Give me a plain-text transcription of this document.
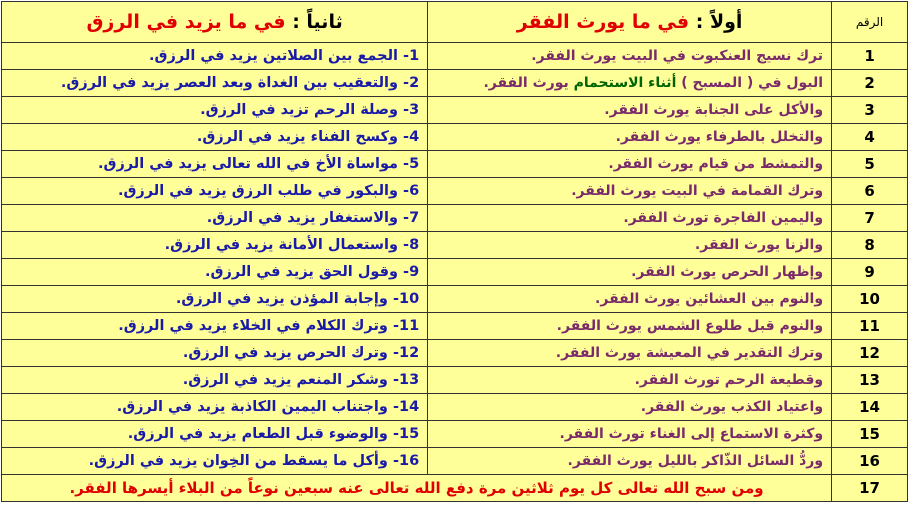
ثانياً : في ما يزيد في الرزق	أولاً : في ما يورث الفقر	الرقم
1- الجمع بين الصلاتين يزيد في الرزق.	ترك نسيج العنكبوت في البيت يورث الفقر.	1
2- والتعقيب بين الغداة وبعد العصر يزيد في الرزق.	البول في ( المسبح ) أثناء الاستحمام يورث الفقر.	2
3- وصلة الرحم تزيد في الرزق.	والأكل على الجنابة يورث الفقر.	3
4- وكسح الفناء يزيد في الرزق.	والتخلل بالطرفاء يورث الفقر.	4
5- مواساة الأخ في الله تعالى يزيد في الرزق.	والتمشط من قيام يورث الفقر.	5
6- والبكور في طلب الرزق يزيد في الرزق.	وترك القمامة في البيت يورث الفقر.	6
7- والاستغفار يزيد في الرزق.	واليمين الفاجرة تورث الفقر.	7
8- واستعمال الأمانة يزيد في الرزق.	والزنا يورث الفقر.	8
9- وقول الحق يزيد في الرزق.	وإظهار الحرص يورث الفقر.	9
10- وإجابة المؤذن يزيد في الرزق.	والنوم بين العشائين يورث الفقر.	10
11- وترك الكلام في الخلاء يزيد في الرزق.	والنوم قبل طلوع الشمس يورث الفقر.	11
12- وترك الحرص يزيد في الرزق.	وترك التقدير في المعيشة يورث الفقر.	12
13- وشكر المنعم يزيد في الرزق.	وقطيعة الرحم تورث الفقر.	13
14- واجتناب اليمين الكاذبة يزيد في الرزق.	واعتياد الكذب يورث الفقر.	14
15- والوضوء قبل الطعام يزيد في الرزق.	وكثرة الاستماع إلى الغناء تورث الفقر.	15
16- وأكل ما يسقط من الخِوان يزيد في الرزق.	وردُّ السائل الذّاكر بالليل يورث الفقر.	16
ومن سبح الله تعالى كل يوم ثلاثين مرة دفع الله تعالى عنه سبعين نوعاً من البلاء أيسرها الفقر.		17
